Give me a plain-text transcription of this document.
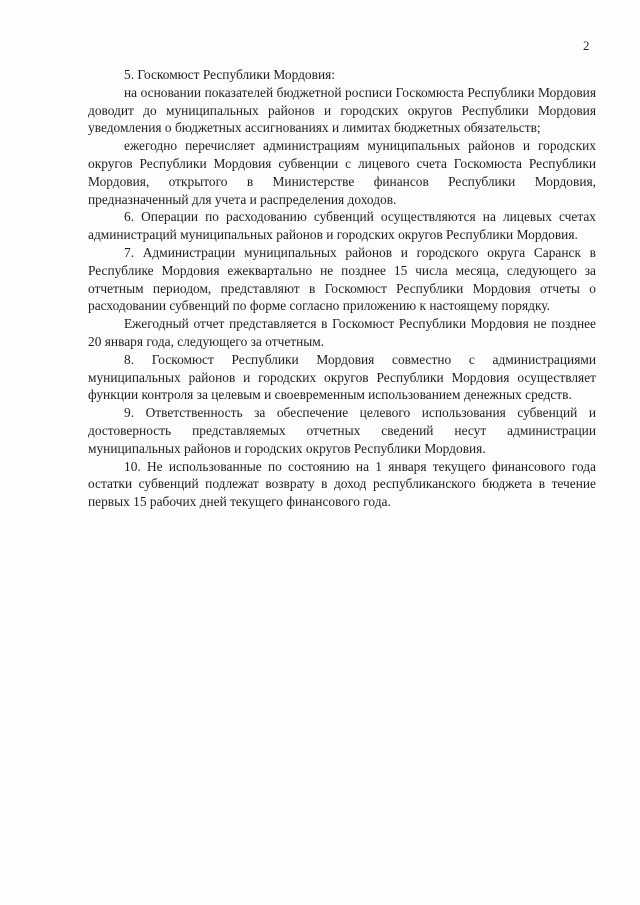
2

5. Госкомюст Республики Мордовия:

на основании показателей бюджетной росписи Госкомюста Республики Мордовия доводит до муниципальных районов и городских округов Республики Мордовия уведомления о бюджетных ассигнованиях и лимитах бюджетных обязательств;

ежегодно перечисляет администрациям муниципальных районов и городских округов Республики Мордовия субвенции с лицевого счета Госкомюста Республики Мордовия, открытого в Министерстве финансов Республики Мордовия, предназначенный для учета и распределения доходов.

6. Операции по расходованию субвенций осуществляются на лицевых счетах администраций муниципальных районов и городских округов Республики Мордовия.

7. Администрации муниципальных районов и городского округа Саранск в Республике Мордовия ежеквартально не позднее 15 числа месяца, следующего за отчетным периодом, представляют в Госкомюст Республики Мордовия отчеты о расходовании субвенций по форме согласно приложению к настоящему порядку.

Ежегодный отчет представляется в Госкомюст Республики Мордовия не позднее 20 января года, следующего за отчетным.

8. Госкомюст Республики Мордовия совместно с администрациями муниципальных районов и городских округов Республики Мордовия осуществляет функции контроля за целевым и своевременным использованием денежных средств.

9. Ответственность за обеспечение целевого использования субвенций и достоверность представляемых отчетных сведений несут администрации муниципальных районов и городских округов Республики Мордовия.

10. Не использованные по состоянию на 1 января текущего финансового года остатки субвенций подлежат возврату в доход республиканского бюджета в течение первых 15 рабочих дней текущего финансового года.
